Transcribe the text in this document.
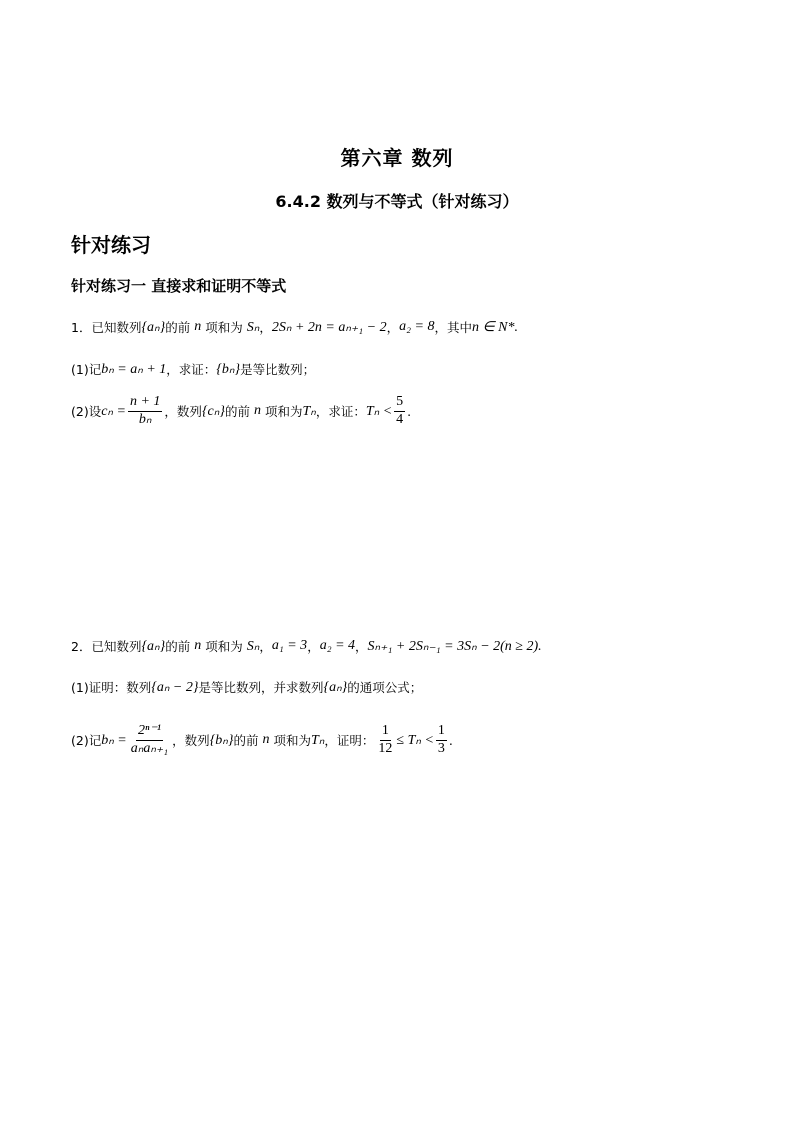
第六章 数列
6.4.2 数列与不等式（针对练习）
针对练习
针对练习一 直接求和证明不等式
1．已知数列 {aₙ} 的前 n 项和为 Sₙ ， 2Sₙ + 2n = aₙ₊₁ − 2 ， a₂ = 8 ，其中 n ∈ N*.
(1)记 bₙ = aₙ + 1 ，求证： {bₙ} 是等比数列；
(2)设 $c_n = \frac{n + 1}{\text{bₙ}}$ ，数列 {cₙ} 的前 n 项和为 Tₙ ，求证： $T_n < \frac{5}{4}$ .
2．已知数列 {aₙ} 的前 n 项和为 Sₙ ， a₁ = 3 ， a₂ = 4 ， Sₙ₊₁ + 2Sₙ₋₁ = 3Sₙ − 2(n ≥ 2).
(1)证明：数列 {aₙ − 2} 是等比数列，并求数列 {aₙ} 的通项公式；
(2)记 $b_n = \frac{\text{2ⁿ⁻¹}}{\text{aₙaₙ₊₁}}$ ，数列 {bₙ} 的前 n 项和为 Tₙ ，证明： $\frac{1}{12} \le T_n < \frac{1}{3}$ .
